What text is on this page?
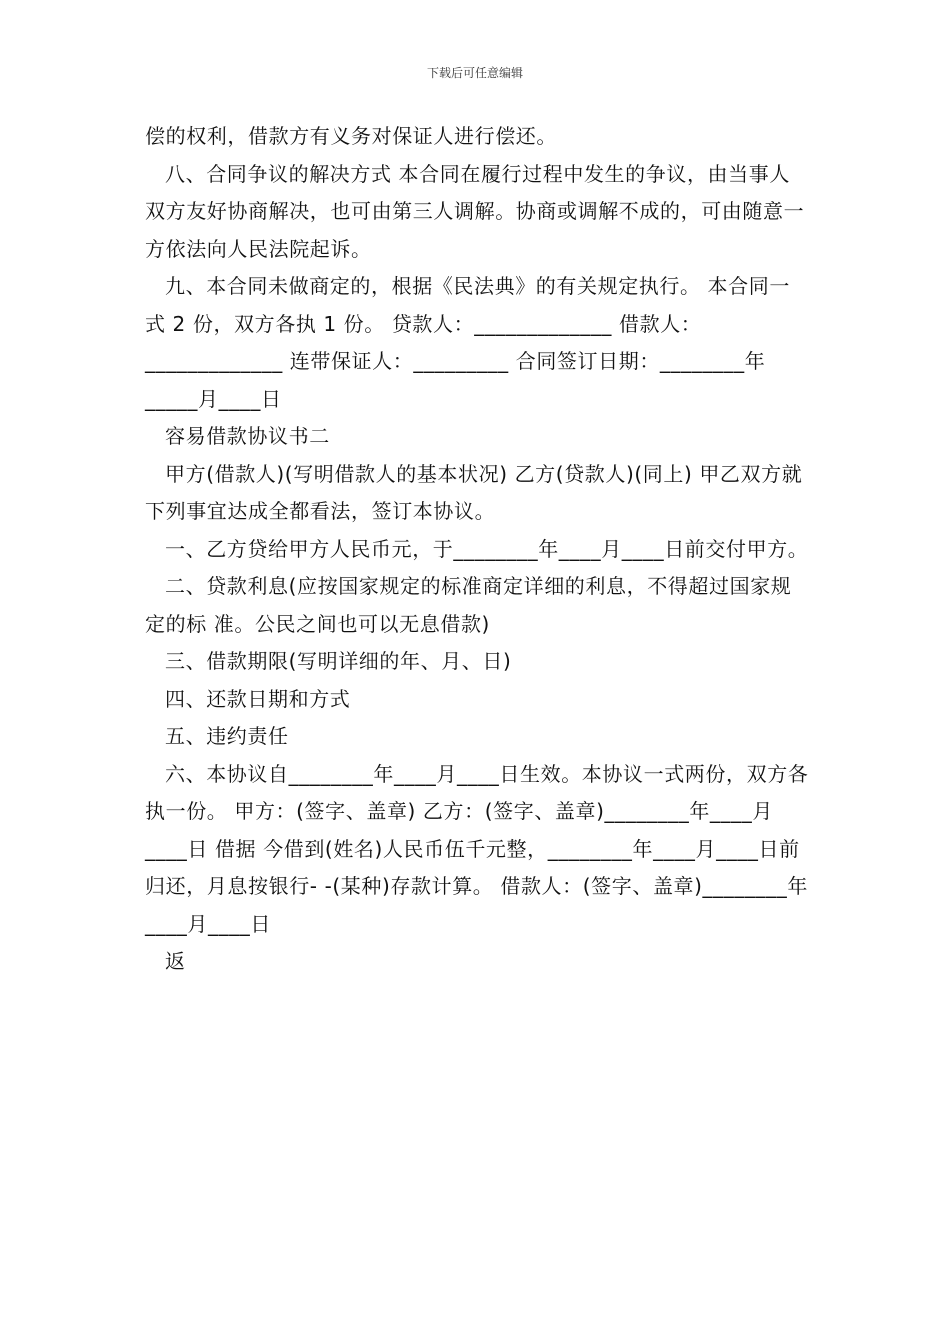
下载后可任意编辑

偿的权利，借款方有义务对保证人进行偿还。

八、合同争议的解决方式 本合同在履行过程中发生的争议，由当事人双方友好协商解决，也可由第三人调解。协商或调解不成的，可由随意一方依法向人民法院起诉。

九、本合同未做商定的，根据《民法典》的有关规定执行。 本合同一式 2 份，双方各执 1 份。 贷款人：_____________ 借款人：_____________ 连带保证人：_________ 合同签订日期：________年_____月____日

容易借款协议书二

甲方(借款人)(写明借款人的基本状况) 乙方(贷款人)(同上) 甲乙双方就下列事宜达成全都看法，签订本协议。

一、乙方贷给甲方人民币元，于________年____月____日前交付甲方。

二、贷款利息(应按国家规定的标准商定详细的利息，不得超过国家规定的标 准。公民之间也可以无息借款)

三、借款期限(写明详细的年、月、日)

四、还款日期和方式

五、违约责任

六、本协议自________年____月____日生效。本协议一式两份，双方各执一份。 甲方：(签字、盖章) 乙方：(签字、盖章)________年____月____日 借据 今借到(姓名)人民币伍千元整，________年____月____日前归还，月息按银行- -(某种)存款计算。 借款人：(签字、盖章)________年____月____日

返
